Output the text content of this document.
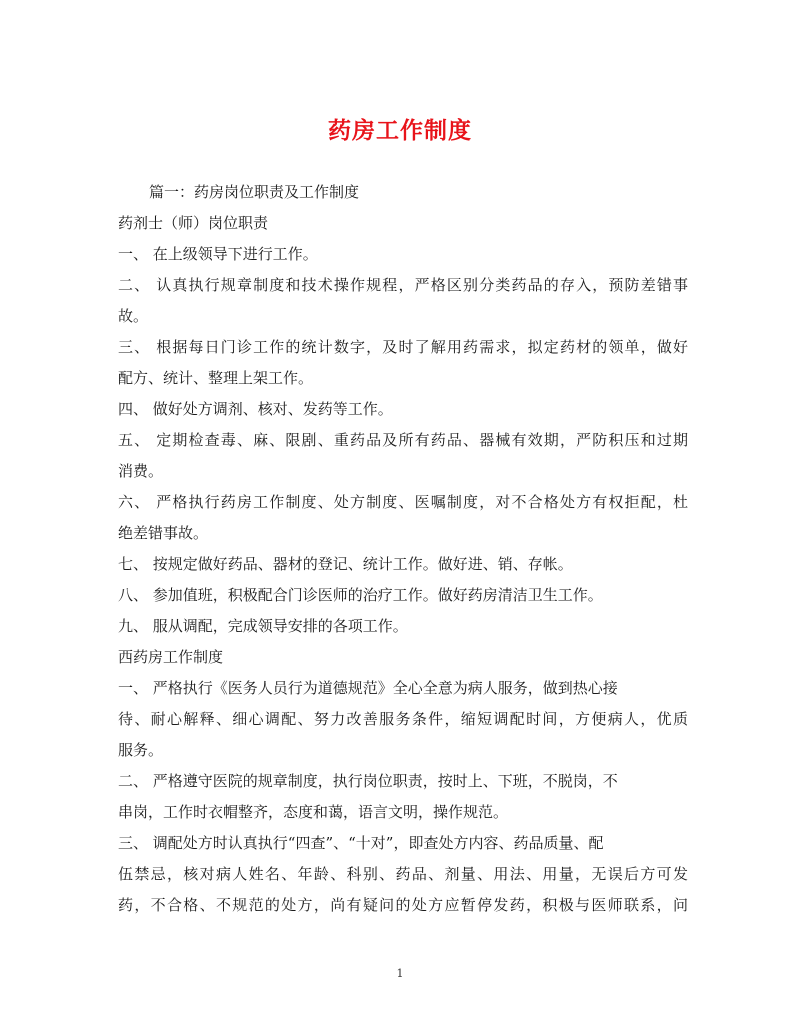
药房工作制度

篇一：药房岗位职责及工作制度

药剂士（师）岗位职责

一、 在上级领导下进行工作。

二、 认真执行规章制度和技术操作规程，严格区别分类药品的存入，预防差错事

故。

三、 根据每日门诊工作的统计数字，及时了解用药需求，拟定药材的领单，做好

配方、统计、整理上架工作。

四、 做好处方调剂、核对、发药等工作。

五、 定期检查毒、麻、限剧、重药品及所有药品、器械有效期，严防积压和过期

消费。

六、 严格执行药房工作制度、处方制度、医嘱制度，对不合格处方有权拒配，杜

绝差错事故。

七、 按规定做好药品、器材的登记、统计工作。做好进、销、存帐。

八、 参加值班，积极配合门诊医师的治疗工作。做好药房清洁卫生工作。

九、 服从调配，完成领导安排的各项工作。

西药房工作制度

一、 严格执行《医务人员行为道德规范》全心全意为病人服务，做到热心接

待、耐心解释、细心调配、努力改善服务条件，缩短调配时间，方便病人，优质

服务。

二、 严格遵守医院的规章制度，执行岗位职责，按时上、下班，不脱岗，不

串岗，工作时衣帽整齐，态度和蔼，语言文明，操作规范。

三、 调配处方时认真执行“四查”、“十对”，即查处方内容、药品质量、配

伍禁忌，核对病人姓名、年龄、科别、药品、剂量、用法、用量，无误后方可发

药，不合格、不规范的处方，尚有疑问的处方应暂停发药，积极与医师联系，问

1
